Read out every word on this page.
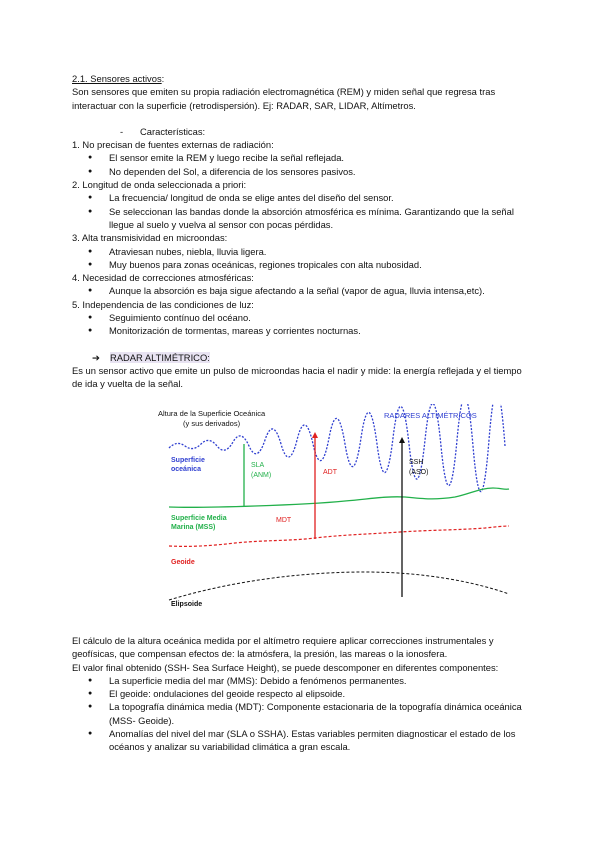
2.1. Sensores activos:

Son sensores que emiten su propia radiación electromagnética (REM) y miden señal que regresa tras interactuar con la superficie (retrodispersión). Ej: RADAR, SAR, LIDAR, Altímetros.

- Características:

1. No precisan de fuentes externas de radiación:

● El sensor emite la REM y luego recibe la señal reflejada.
● No dependen del Sol, a diferencia de los sensores pasivos.

2. Longitud de onda seleccionada a priori:

● La frecuencia/ longitud de onda se elige antes del diseño del sensor.
● Se seleccionan las bandas donde la absorción atmosférica es mínima. Garantizando que la señal llegue al suelo y vuelva al sensor con pocas pérdidas.

3. Alta transmisividad en microondas:

● Atraviesan nubes, niebla, lluvia ligera.
● Muy buenos para zonas oceánicas, regiones tropicales con alta nubosidad.

4. Necesidad de correcciones atmosféricas:

● Aunque la absorción es baja sigue afectando a la señal (vapor de agua, lluvia intensa,etc).

5. Independencia de las condiciones de luz:

● Seguimiento contínuo del océano.
● Monitorización de tormentas, mareas y corrientes nocturnas.

➔ RADAR ALTIMÉTRICO:

Es un sensor activo que emite un pulso de microondas hacia el nadir y mide: la energía reflejada y el tiempo de ida y vuelta de la señal.

Altura de la Superficie Oceánica
(y sus derivados)
RADARES ALTIMÉTRICOS
Superficie
oceánica
Superficie Media
Marina (MSS)
Geoide
Elipsoide
SLA
(ANM)	ADT
MDT
SSH
(ASO)

El cálculo de la altura oceánica medida por el altímetro requiere aplicar correcciones instrumentales y geofísicas, que compensan efectos de: la atmósfera, la presión, las mareas o la ionosfera.

El valor final obtenido (SSH- Sea Surface Height), se puede descomponer en diferentes componentes:

● La superficie media del mar (MMS): Debido a fenómenos permanentes.
● El geoide: ondulaciones del geoide respecto al elipsoide.
● La topografía dinámica media (MDT): Componente estacionaria de la topografía dinámica oceánica (MSS- Geoide).
● Anomalías del nivel del mar (SLA o SSHA). Estas variables permiten diagnosticar el estado de los océanos y analizar su variabilidad climática a gran escala.
